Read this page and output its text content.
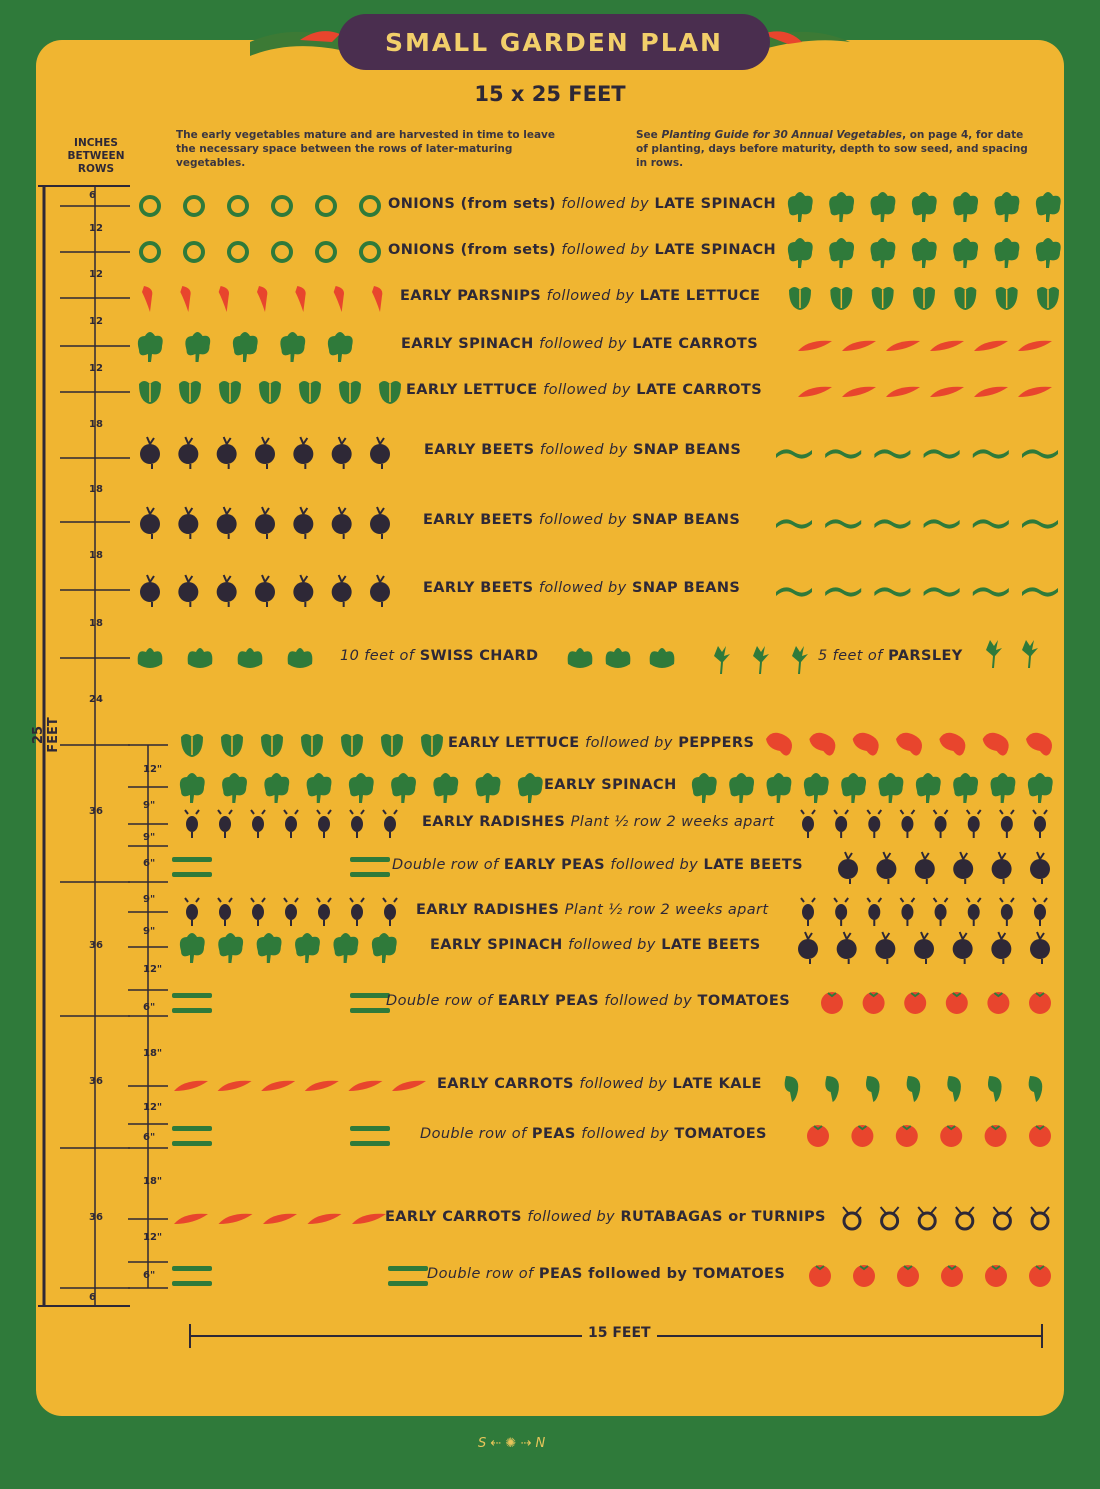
SMALL GARDEN PLAN
15 x 25 FEET
The early vegetables mature and are harvested in time to leave the necessary space between the rows of later-maturing vegetables.
See Planting Guide for 30 Annual Vegetables, on page 4, for date of planting, days before maturity, depth to sow seed, and spacing in rows.
INCHES BETWEEN ROWS
25 FEET
15 FEET
ONIONS (from sets) followed by LATE SPINACH
ONIONS (from sets) followed by LATE SPINACH
EARLY PARSNIPS followed by LATE LETTUCE
EARLY SPINACH followed by LATE CARROTS
EARLY LETTUCE followed by LATE CARROTS
EARLY BEETS followed by SNAP BEANS
EARLY BEETS followed by SNAP BEANS
EARLY BEETS followed by SNAP BEANS
10 feet of SWISS CHARD	5 feet of PARSLEY
EARLY LETTUCE followed by PEPPERS
EARLY SPINACH
EARLY RADISHES Plant ½ row 2 weeks apart
Double row of EARLY PEAS followed by LATE BEETS
EARLY RADISHES Plant ½ row 2 weeks apart
EARLY SPINACH followed by LATE BEETS
Double row of EARLY PEAS followed by TOMATOES
EARLY CARROTS followed by LATE KALE
Double row of PEAS followed by TOMATOES
EARLY CARROTS followed by RUTABAGAS or TURNIPS
Double row of PEAS followed by TOMATOES
6
12
12
12
12
18
18
18
18
24
36
36
36
36
6
12"
9"
9"
6"
9"
9"
12"
6"
18"
12"
6"
18"
12"
6"
S ⇠ ✺ ⇢ N
